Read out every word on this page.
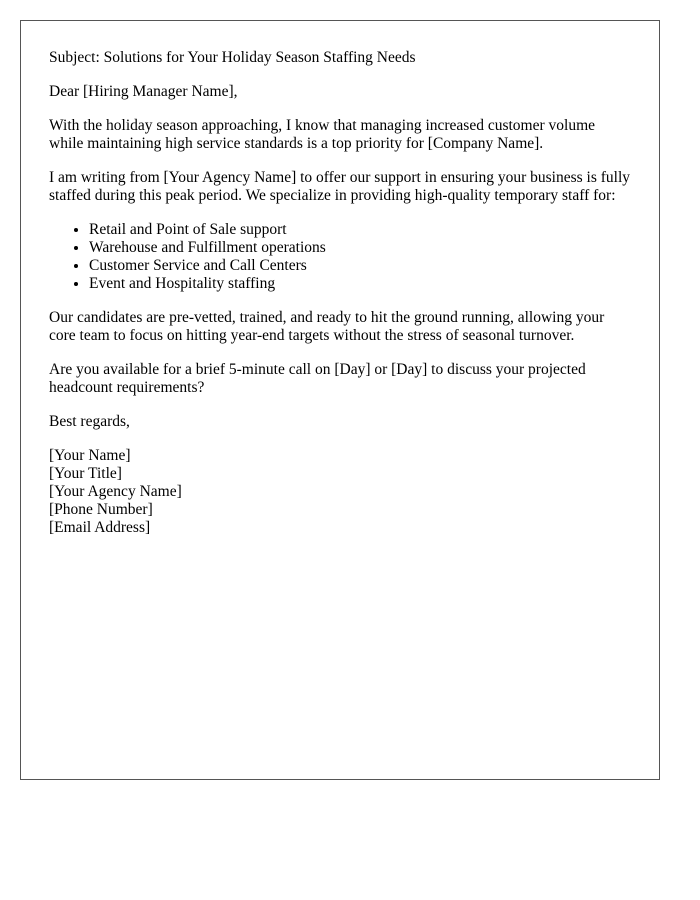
Subject: Solutions for Your Holiday Season Staffing Needs

Dear [Hiring Manager Name],

With the holiday season approaching, I know that managing increased customer volume while maintaining high service standards is a top priority for [Company Name].

I am writing from [Your Agency Name] to offer our support in ensuring your business is fully staffed during this peak period. We specialize in providing high-quality temporary staff for:

• Retail and Point of Sale support
• Warehouse and Fulfillment operations
• Customer Service and Call Centers
• Event and Hospitality staffing

Our candidates are pre-vetted, trained, and ready to hit the ground running, allowing your core team to focus on hitting year-end targets without the stress of seasonal turnover.

Are you available for a brief 5-minute call on [Day] or [Day] to discuss your projected headcount requirements?

Best regards,

[Your Name]
[Your Title]
[Your Agency Name]
[Phone Number]
[Email Address]
